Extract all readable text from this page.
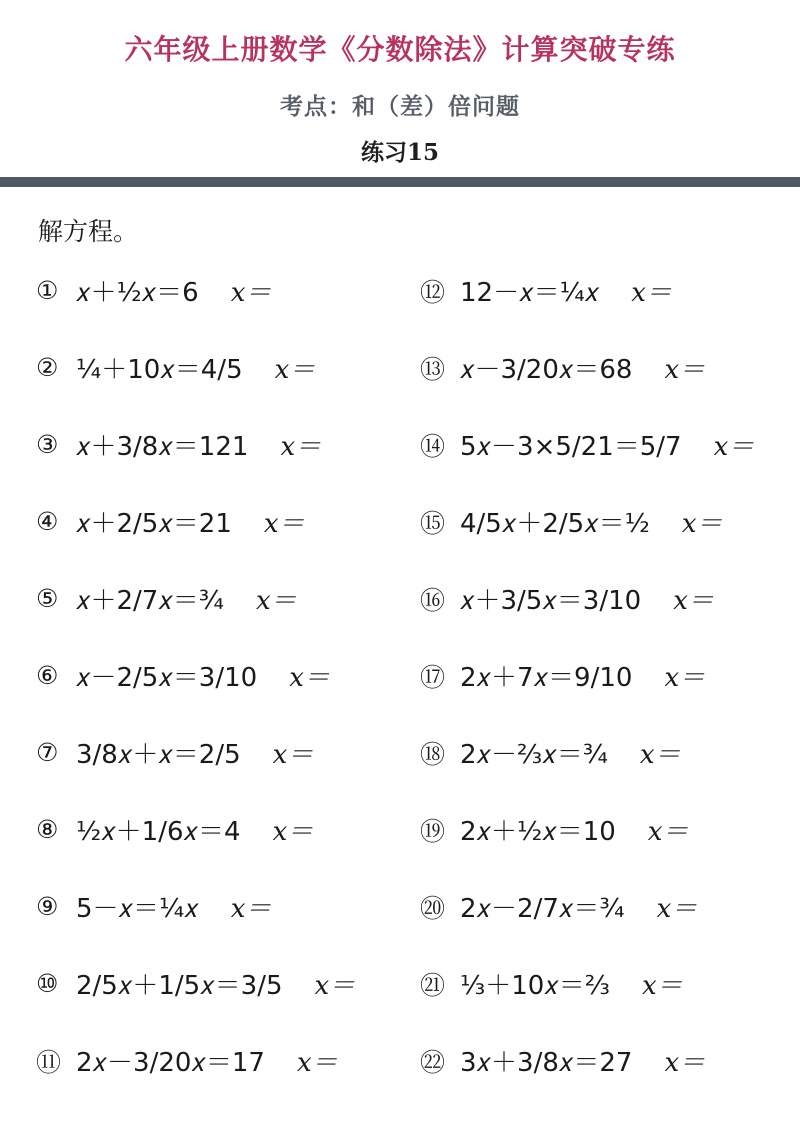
六年级上册数学《分数除法》计算突破专练
考点：和（差）倍问题
练习15
解方程。
① 𝑥＋½𝑥＝6 𝑥＝
② ¼＋10𝑥＝4/5 𝑥＝
③ 𝑥＋3/8𝑥＝121 𝑥＝
④ 𝑥＋2/5𝑥＝21 𝑥＝
⑤ 𝑥＋2/7𝑥＝¾ 𝑥＝
⑥ 𝑥－2/5𝑥＝3/10 𝑥＝
⑦ 3/8𝑥＋𝑥＝2/5 𝑥＝
⑧ ½𝑥＋1/6𝑥＝4 𝑥＝
⑨ 5－𝑥＝¼𝑥 𝑥＝
⑩ 2/5𝑥＋1/5𝑥＝3/5 𝑥＝
⑪ 2𝑥－3/20𝑥＝17 𝑥＝
⑫ 12－𝑥＝¼𝑥 𝑥＝
⑬ 𝑥－3/20𝑥＝68 𝑥＝
⑭ 5𝑥－3×5/21＝5/7 𝑥＝
⑮ 4/5𝑥＋2/5𝑥＝½ 𝑥＝
⑯ 𝑥＋3/5𝑥＝3/10 𝑥＝
⑰ 2𝑥＋7𝑥＝9/10 𝑥＝
⑱ 2𝑥－⅔𝑥＝¾ 𝑥＝
⑲ 2𝑥＋½𝑥＝10 𝑥＝
⑳ 2𝑥－2/7𝑥＝¾ 𝑥＝
㉑ ⅓＋10𝑥＝⅔ 𝑥＝
㉒ 3𝑥＋3/8𝑥＝27 𝑥＝
